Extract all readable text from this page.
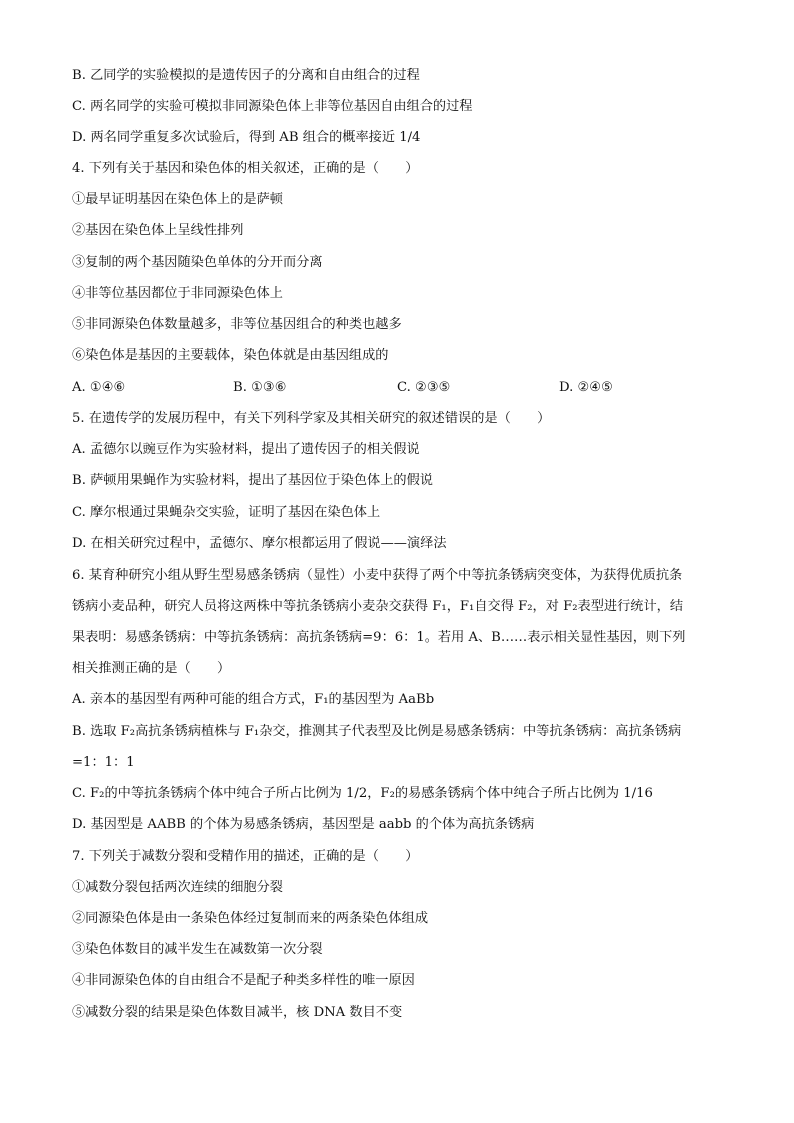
B. 乙同学的实验模拟的是遗传因子的分离和自由组合的过程
C. 两名同学的实验可模拟非同源染色体上非等位基因自由组合的过程
D. 两名同学重复多次试验后，得到 AB 组合的概率接近 1/4
4. 下列有关于基因和染色体的相关叙述，正确的是（　　）
①最早证明基因在染色体上的是萨顿
②基因在染色体上呈线性排列
③复制的两个基因随染色单体的分开而分离
④非等位基因都位于非同源染色体上
⑤非同源染色体数量越多，非等位基因组合的种类也越多
⑥染色体是基因的主要载体，染色体就是由基因组成的
A. ①④⑥	B. ①③⑥	C. ②③⑤	D. ②④⑤
5. 在遗传学的发展历程中，有关下列科学家及其相关研究的叙述错误的是（　　）
A. 孟德尔以豌豆作为实验材料，提出了遗传因子的相关假说
B. 萨顿用果蝇作为实验材料，提出了基因位于染色体上的假说
C. 摩尔根通过果蝇杂交实验，证明了基因在染色体上
D. 在相关研究过程中，孟德尔、摩尔根都运用了假说——演绎法
6. 某育种研究小组从野生型易感条锈病（显性）小麦中获得了两个中等抗条锈病突变体，为获得优质抗条
锈病小麦品种，研究人员将这两株中等抗条锈病小麦杂交获得 F₁，F₁自交得 F₂，对 F₂表型进行统计，结
果表明：易感条锈病：中等抗条锈病：高抗条锈病=9：6：1。若用 A、B……表示相关显性基因，则下列
相关推测正确的是（　　）
A. 亲本的基因型有两种可能的组合方式，F₁的基因型为 AaBb
B. 选取 F₂高抗条锈病植株与 F₁杂交，推测其子代表型及比例是易感条锈病：中等抗条锈病：高抗条锈病
=1：1：1
C. F₂的中等抗条锈病个体中纯合子所占比例为 1/2，F₂的易感条锈病个体中纯合子所占比例为 1/16
D. 基因型是 AABB 的个体为易感条锈病，基因型是 aabb 的个体为高抗条锈病
7. 下列关于减数分裂和受精作用的描述，正确的是（　　）
①减数分裂包括两次连续的细胞分裂
②同源染色体是由一条染色体经过复制而来的两条染色体组成
③染色体数目的减半发生在减数第一次分裂
④非同源染色体的自由组合不是配子种类多样性的唯一原因
⑤减数分裂的结果是染色体数目减半，核 DNA 数目不变
